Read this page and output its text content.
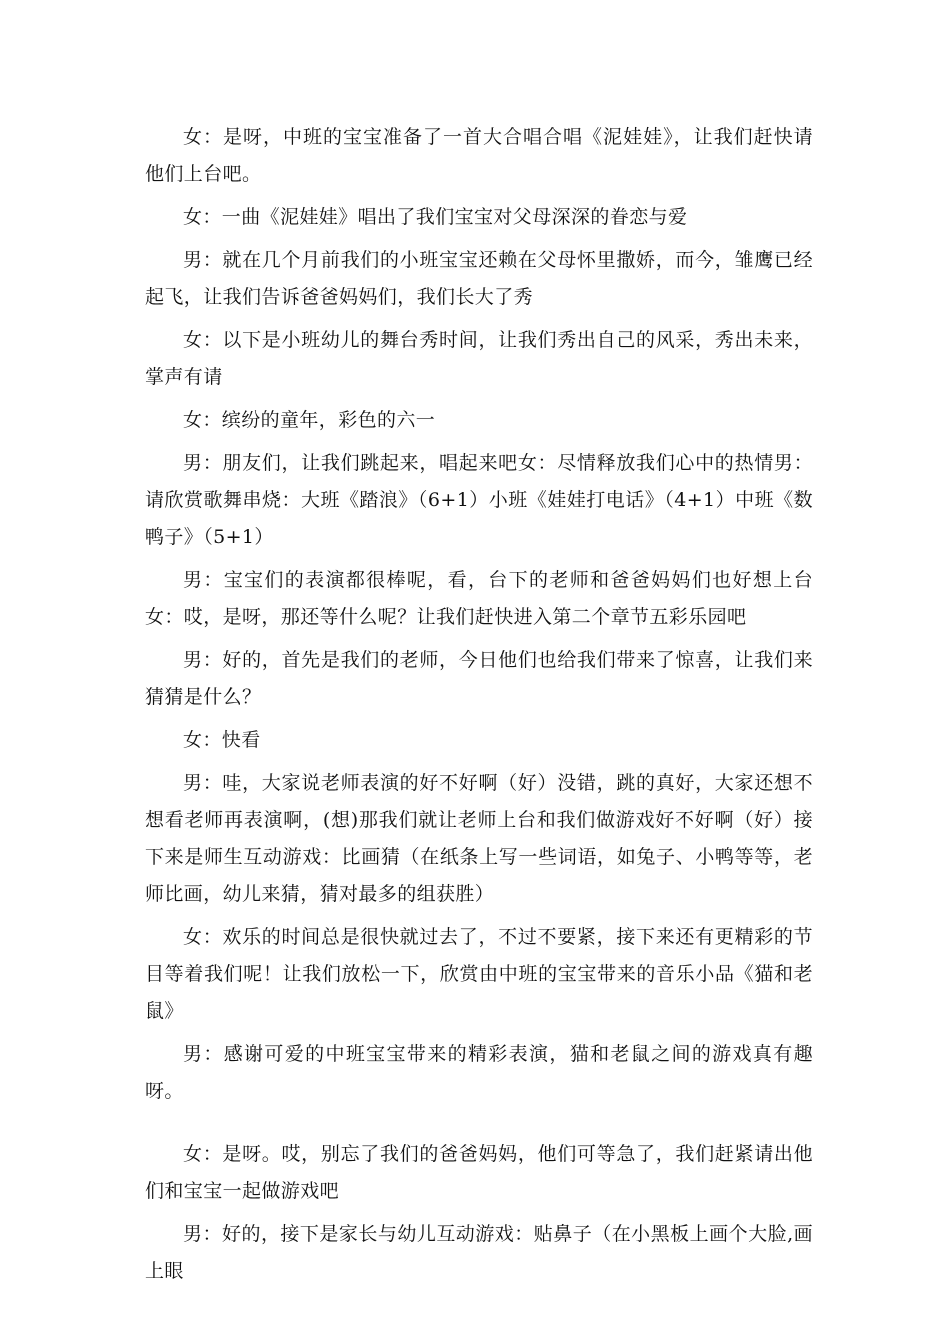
女：是呀，中班的宝宝准备了一首大合唱合唱《泥娃娃》，让我们赶快请他们上台吧。

女：一曲《泥娃娃》唱出了我们宝宝对父母深深的眷恋与爱

男：就在几个月前我们的小班宝宝还赖在父母怀里撒娇，而今，雏鹰已经起飞，让我们告诉爸爸妈妈们，我们长大了秀

女：以下是小班幼儿的舞台秀时间，让我们秀出自己的风采，秀出未来，掌声有请

女：缤纷的童年，彩色的六一

男：朋友们，让我们跳起来，唱起来吧女：尽情释放我们心中的热情男：请欣赏歌舞串烧：大班《踏浪》（6+1）小班《娃娃打电话》（4+1）中班《数鸭子》（5+1）

男：宝宝们的表演都很棒呢，看，台下的老师和爸爸妈妈们也好想上台女：哎，是呀，那还等什么呢？让我们赶快进入第二个章节五彩乐园吧

男：好的，首先是我们的老师，今日他们也给我们带来了惊喜，让我们来猜猜是什么？

女：快看

男：哇，大家说老师表演的好不好啊（好）没错，跳的真好，大家还想不想看老师再表演啊，(想)那我们就让老师上台和我们做游戏好不好啊（好）接下来是师生互动游戏：比画猜（在纸条上写一些词语，如兔子、小鸭等等，老师比画，幼儿来猜，猜对最多的组获胜）

女：欢乐的时间总是很快就过去了，不过不要紧，接下来还有更精彩的节目等着我们呢！让我们放松一下，欣赏由中班的宝宝带来的音乐小品《猫和老鼠》

男：感谢可爱的中班宝宝带来的精彩表演，猫和老鼠之间的游戏真有趣呀。

女：是呀。哎，别忘了我们的爸爸妈妈，他们可等急了，我们赶紧请出他们和宝宝一起做游戏吧

男：好的，接下是家长与幼儿互动游戏：贴鼻子（在小黑板上画个大脸,画上眼
